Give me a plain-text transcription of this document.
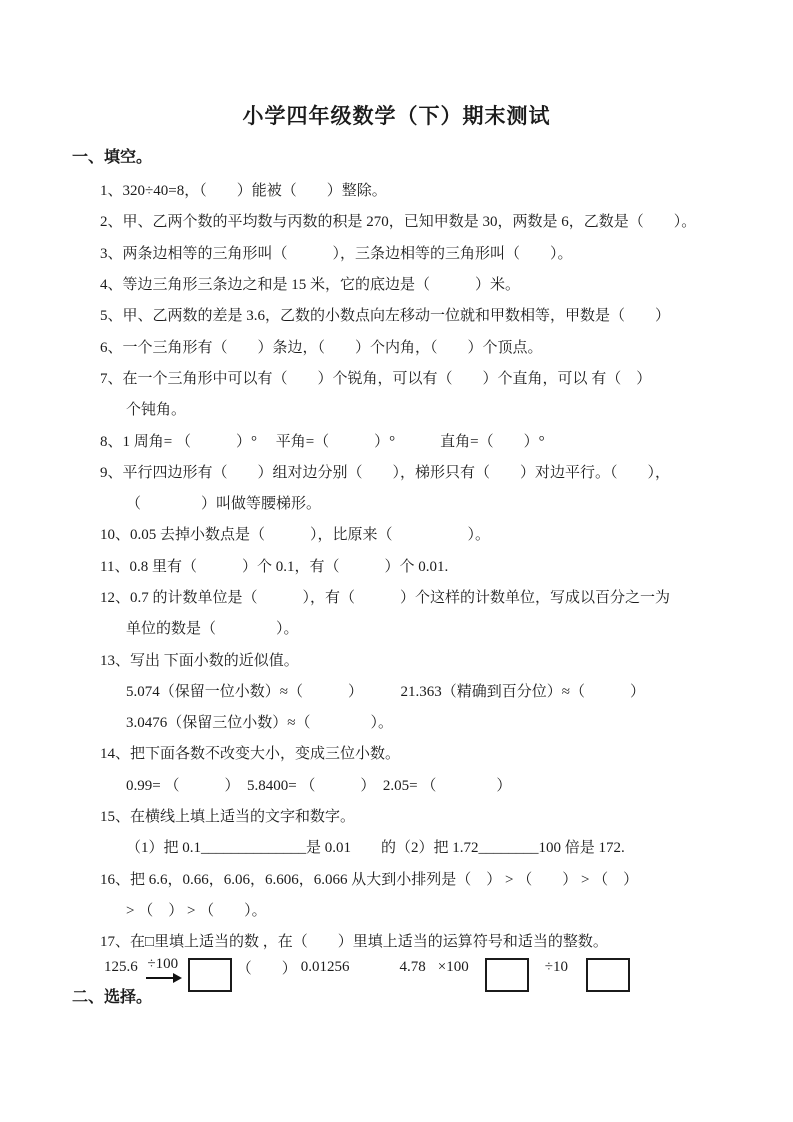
小学四年级数学（下）期末测试
一、填空。
1、320÷40=8，（　　）能被（　　）整除。
2、甲、乙两个数的平均数与丙数的积是 270，已知甲数是 30，两数是 6，乙数是（　　）。
3、两条边相等的三角形叫（　　　），三条边相等的三角形叫（　　）。
4、等边三角形三条边之和是 15 米，它的底边是（　　　）米。
5、甲、乙两数的差是 3.6，乙数的小数点向左移动一位就和甲数相等，甲数是（　　）
6、一个三角形有（　　）条边，（　　）个内角，（　　）个顶点。
7、在一个三角形中可以有（　　）个锐角，可以有（　　）个直角，可以 有（　）
个钝角。
8、1 周角= （　　　）°　 平角=（　　　）°　　　直角=（　　）°
9、平行四边形有（　　）组对边分别（　　），梯形只有（　　）对边平行。（　　），
（　　　　）叫做等腰梯形。
10、0.05 去掉小数点是（　　　），比原来（　　　　　）。
11、0.8 里有（　　　）个 0.1，有（　　　）个 0.01.
12、0.7 的计数单位是（　　　），有（　　　）个这样的计数单位，写成以百分之一为
单位的数是（　　　　）。
13、写出 下面小数的近似值。
5.074（保留一位小数）≈（　　　）　　　21.363（精确到百分位）≈（　　　）
3.0476（保留三位小数）≈（　　　　）。
14、把下面各数不改变大小，变成三位小数。
0.99= （　　　）　5.8400= （　　　）　2.05= （　　　　）
15、在横线上填上适当的文字和数字。
（1）把 0.1______________是 0.01　　的（2）把 1.72________100 倍是 172.
16、把 6.6，0.66，6.06，6.606，6.066 从大到小排列是（　） > （　　） > （　）
> （　） > （　　）。
17、在□里填上适当的数 ，在（　　）里填上适当的运算符号和适当的整数。
125.6 ÷100	（　　） 0.01256	4.78 ×100	÷10
二、选择。
